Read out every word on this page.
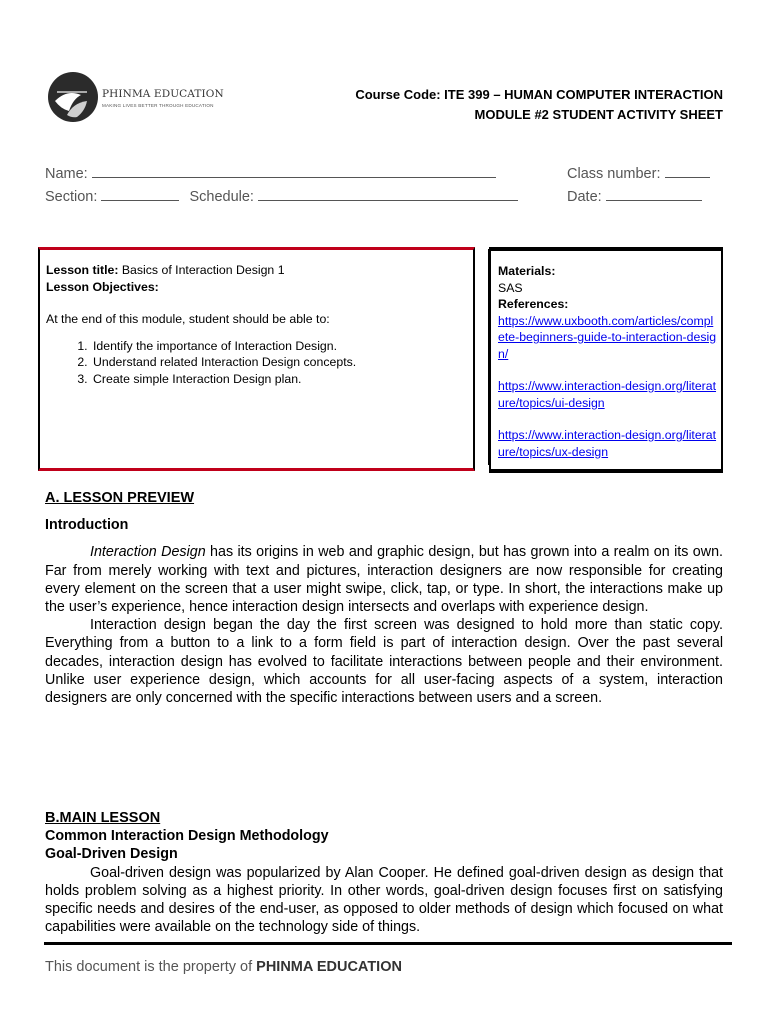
PHINMA EDUCATION
MAKING LIVES BETTER THROUGH EDUCATION
Course Code: ITE 399 – HUMAN COMPUTER INTERACTION
MODULE #2 STUDENT ACTIVITY SHEET
Name:	Class number:
Section:	Schedule:	Date:
Lesson title: Basics of Interaction Design 1
Lesson Objectives:
At the end of this module, student should be able to:
1. Identify the importance of Interaction Design.
2. Understand related Interaction Design concepts.
3. Create simple Interaction Design plan.
Materials:
SAS
References:
https://www.uxbooth.com/articles/complete-beginners-guide-to-interaction-design/
https://www.interaction-design.org/literature/topics/ui-design
https://www.interaction-design.org/literature/topics/ux-design
A. LESSON PREVIEW
Introduction

Interaction Design has its origins in web and graphic design, but has grown into a realm on its own. Far from merely working with text and pictures, interaction designers are now responsible for creating every element on the screen that a user might swipe, click, tap, or type. In short, the interactions make up the user’s experience, hence interaction design intersects and overlaps with experience design.

Interaction design began the day the first screen was designed to hold more than static copy. Everything from a button to a link to a form field is part of interaction design. Over the past several decades, interaction design has evolved to facilitate interactions between people and their environment. Unlike user experience design, which accounts for all user-facing aspects of a system, interaction designers are only concerned with the specific interactions between users and a screen.

B.MAIN LESSON
Common Interaction Design Methodology
Goal-Driven Design

Goal-driven design was popularized by Alan Cooper. He defined goal-driven design as design that holds problem solving as a highest priority. In other words, goal-driven design focuses first on satisfying specific needs and desires of the end-user, as opposed to older methods of design which focused on what capabilities were available on the technology side of things.

This document is the property of PHINMA EDUCATION
